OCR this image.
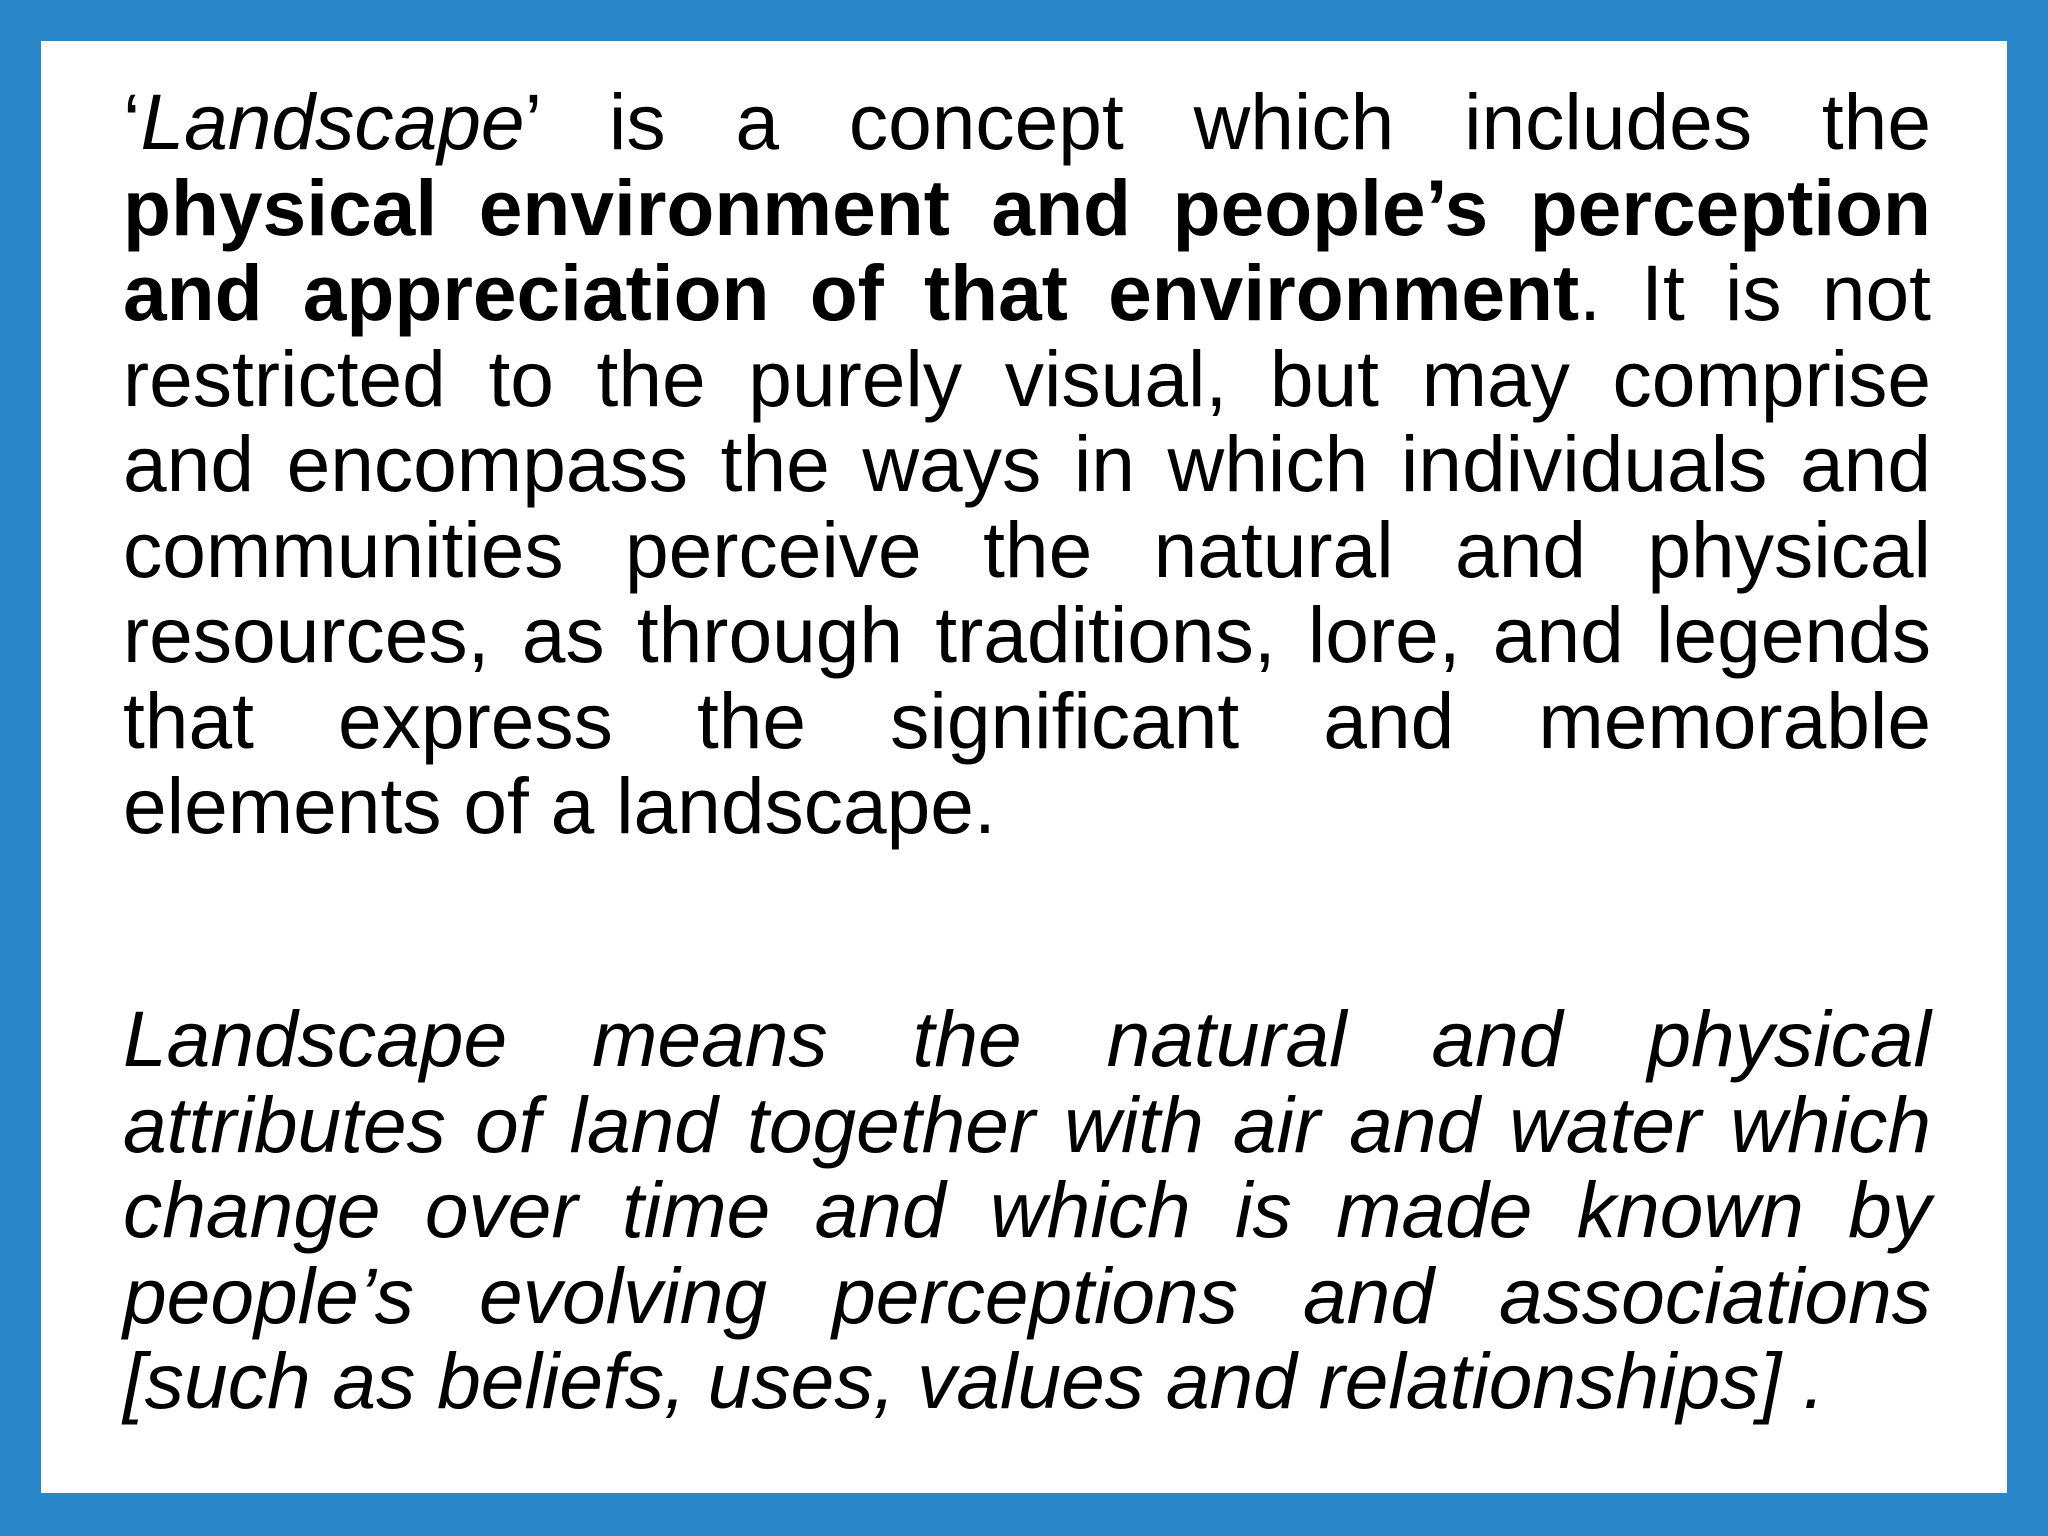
‘Landscape’ is a concept which includes the
physical environment and people’s perception
and appreciation of that environment. It is not
restricted to the purely visual, but may comprise
and encompass the ways in which individuals and
communities perceive the natural and physical
resources, as through traditions, lore, and legends
that express the significant and memorable
elements of a landscape.

Landscape means the natural and physical
attributes of land together with air and water which
change over time and which is made known by
people’s evolving perceptions and associations
[such as beliefs, uses, values and relationships] .
